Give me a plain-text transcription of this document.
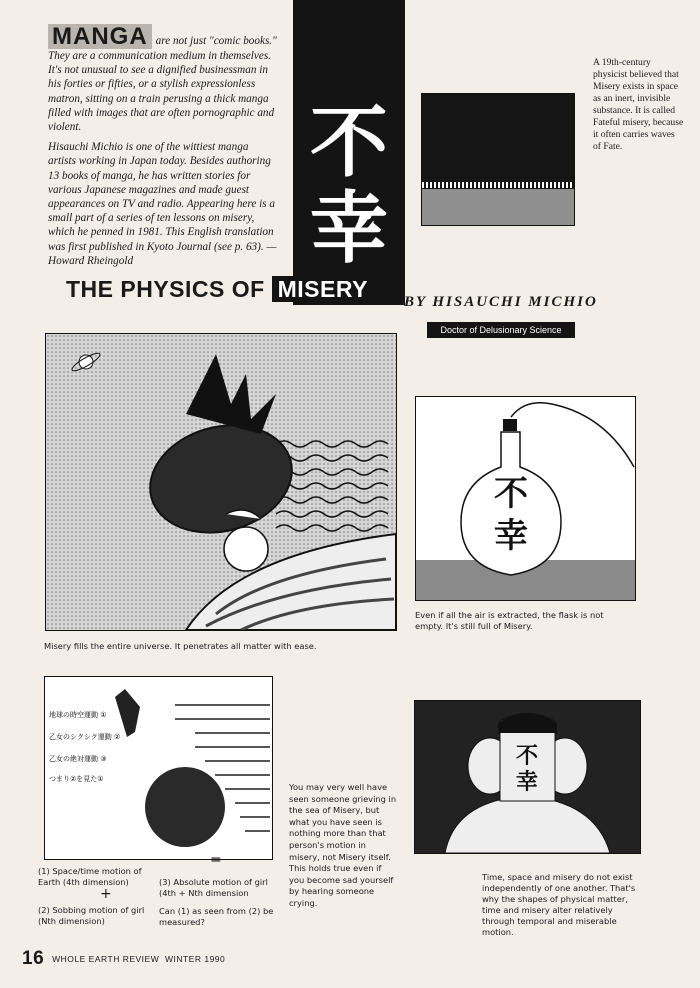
MANGA are not just "comic books." They are a communication medium in themselves. It's not unusual to see a dignified businessman in his forties or fifties, or a stylish expressionless matron, sitting on a train perusing a thick manga filled with images that are often pornographic and violent.

Hisauchi Michio is one of the wittiest manga artists working in Japan today. Besides authoring 13 books of manga, he has written stories for various Japanese magazines and made guest appearances on TV and radio. Appearing here is a small part of a series of ten lessons on misery, which he penned in 1981. This English translation was first published in Kyoto Journal (see p. 63). —Howard Rheingold

不
幸
THE PHYSICS OF MISERY	BY HISAUCHI MICHIO
Doctor of Delusionary Science
A 19th-century physicist believed that Misery exists in space as an inert, invisible substance. It is called Fateful misery, because it often carries waves of Fate.
Misery fills the entire universe. It penetrates all matter with ease.
不
幸
Even if all the air is extracted, the flask is not empty. It's still full of Misery.
地球の時空運動 ①
乙女のシクシク運動 ②
乙女の絶対運動 ③
つまり②を見た①
(1) Space/time motion of Earth (4th dimension)
+
(2) Sobbing motion of girl (Nth dimension)
=
(3) Absolute motion of girl (4th + Nth dimension
Can (1) as seen from (2) be measured?
You may very well have seen someone grieving in the sea of Misery, but what you have seen is nothing more than that person's motion in misery, not Misery itself. This holds true even if you become sad yourself by hearing someone crying.
不
幸
Time, space and misery do not exist independently of one another. That's why the shapes of physical matter, time and misery alter relatively through temporal and miserable motion.
16 WHOLE EARTH REVIEW WINTER 1990
